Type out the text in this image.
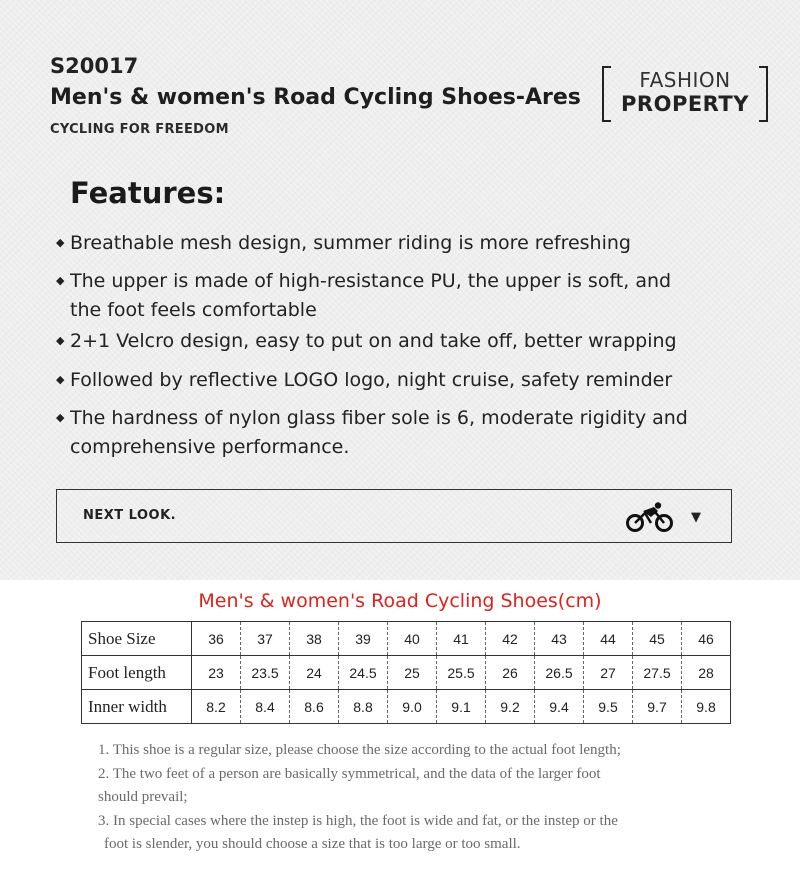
S20017
Men's & women's Road Cycling Shoes-Ares
CYCLING FOR FREEDOM
FASHION
PROPERTY
Features:
◆ Breathable mesh design, summer riding is more refreshing
◆ The upper is made of high-resistance PU, the upper is soft, and
the foot feels comfortable
◆ 2+1 Velcro design, easy to put on and take off, better wrapping
◆ Followed by reflective LOGO logo, night cruise, safety reminder
◆ The hardness of nylon glass fiber sole is 6, moderate rigidity and
comprehensive performance.
NEXT LOOK.	▼
Men's & women's Road Cycling Shoes(cm)
Shoe Size	36	37	38	39	40	41	42	43	44	45	46
Foot length	23	23.5	24	24.5	25	25.5	26	26.5	27	27.5	28
Inner width	8.2	8.4	8.6	8.8	9.0	9.1	9.2	9.4	9.5	9.7	9.8

1. This shoe is a regular size, please choose the size according to the actual foot length;

2. The two feet of a person are basically symmetrical, and the data of the larger foot

should prevail;

3. In special cases where the instep is high, the foot is wide and fat, or the instep or the

foot is slender, you should choose a size that is too large or too small.
